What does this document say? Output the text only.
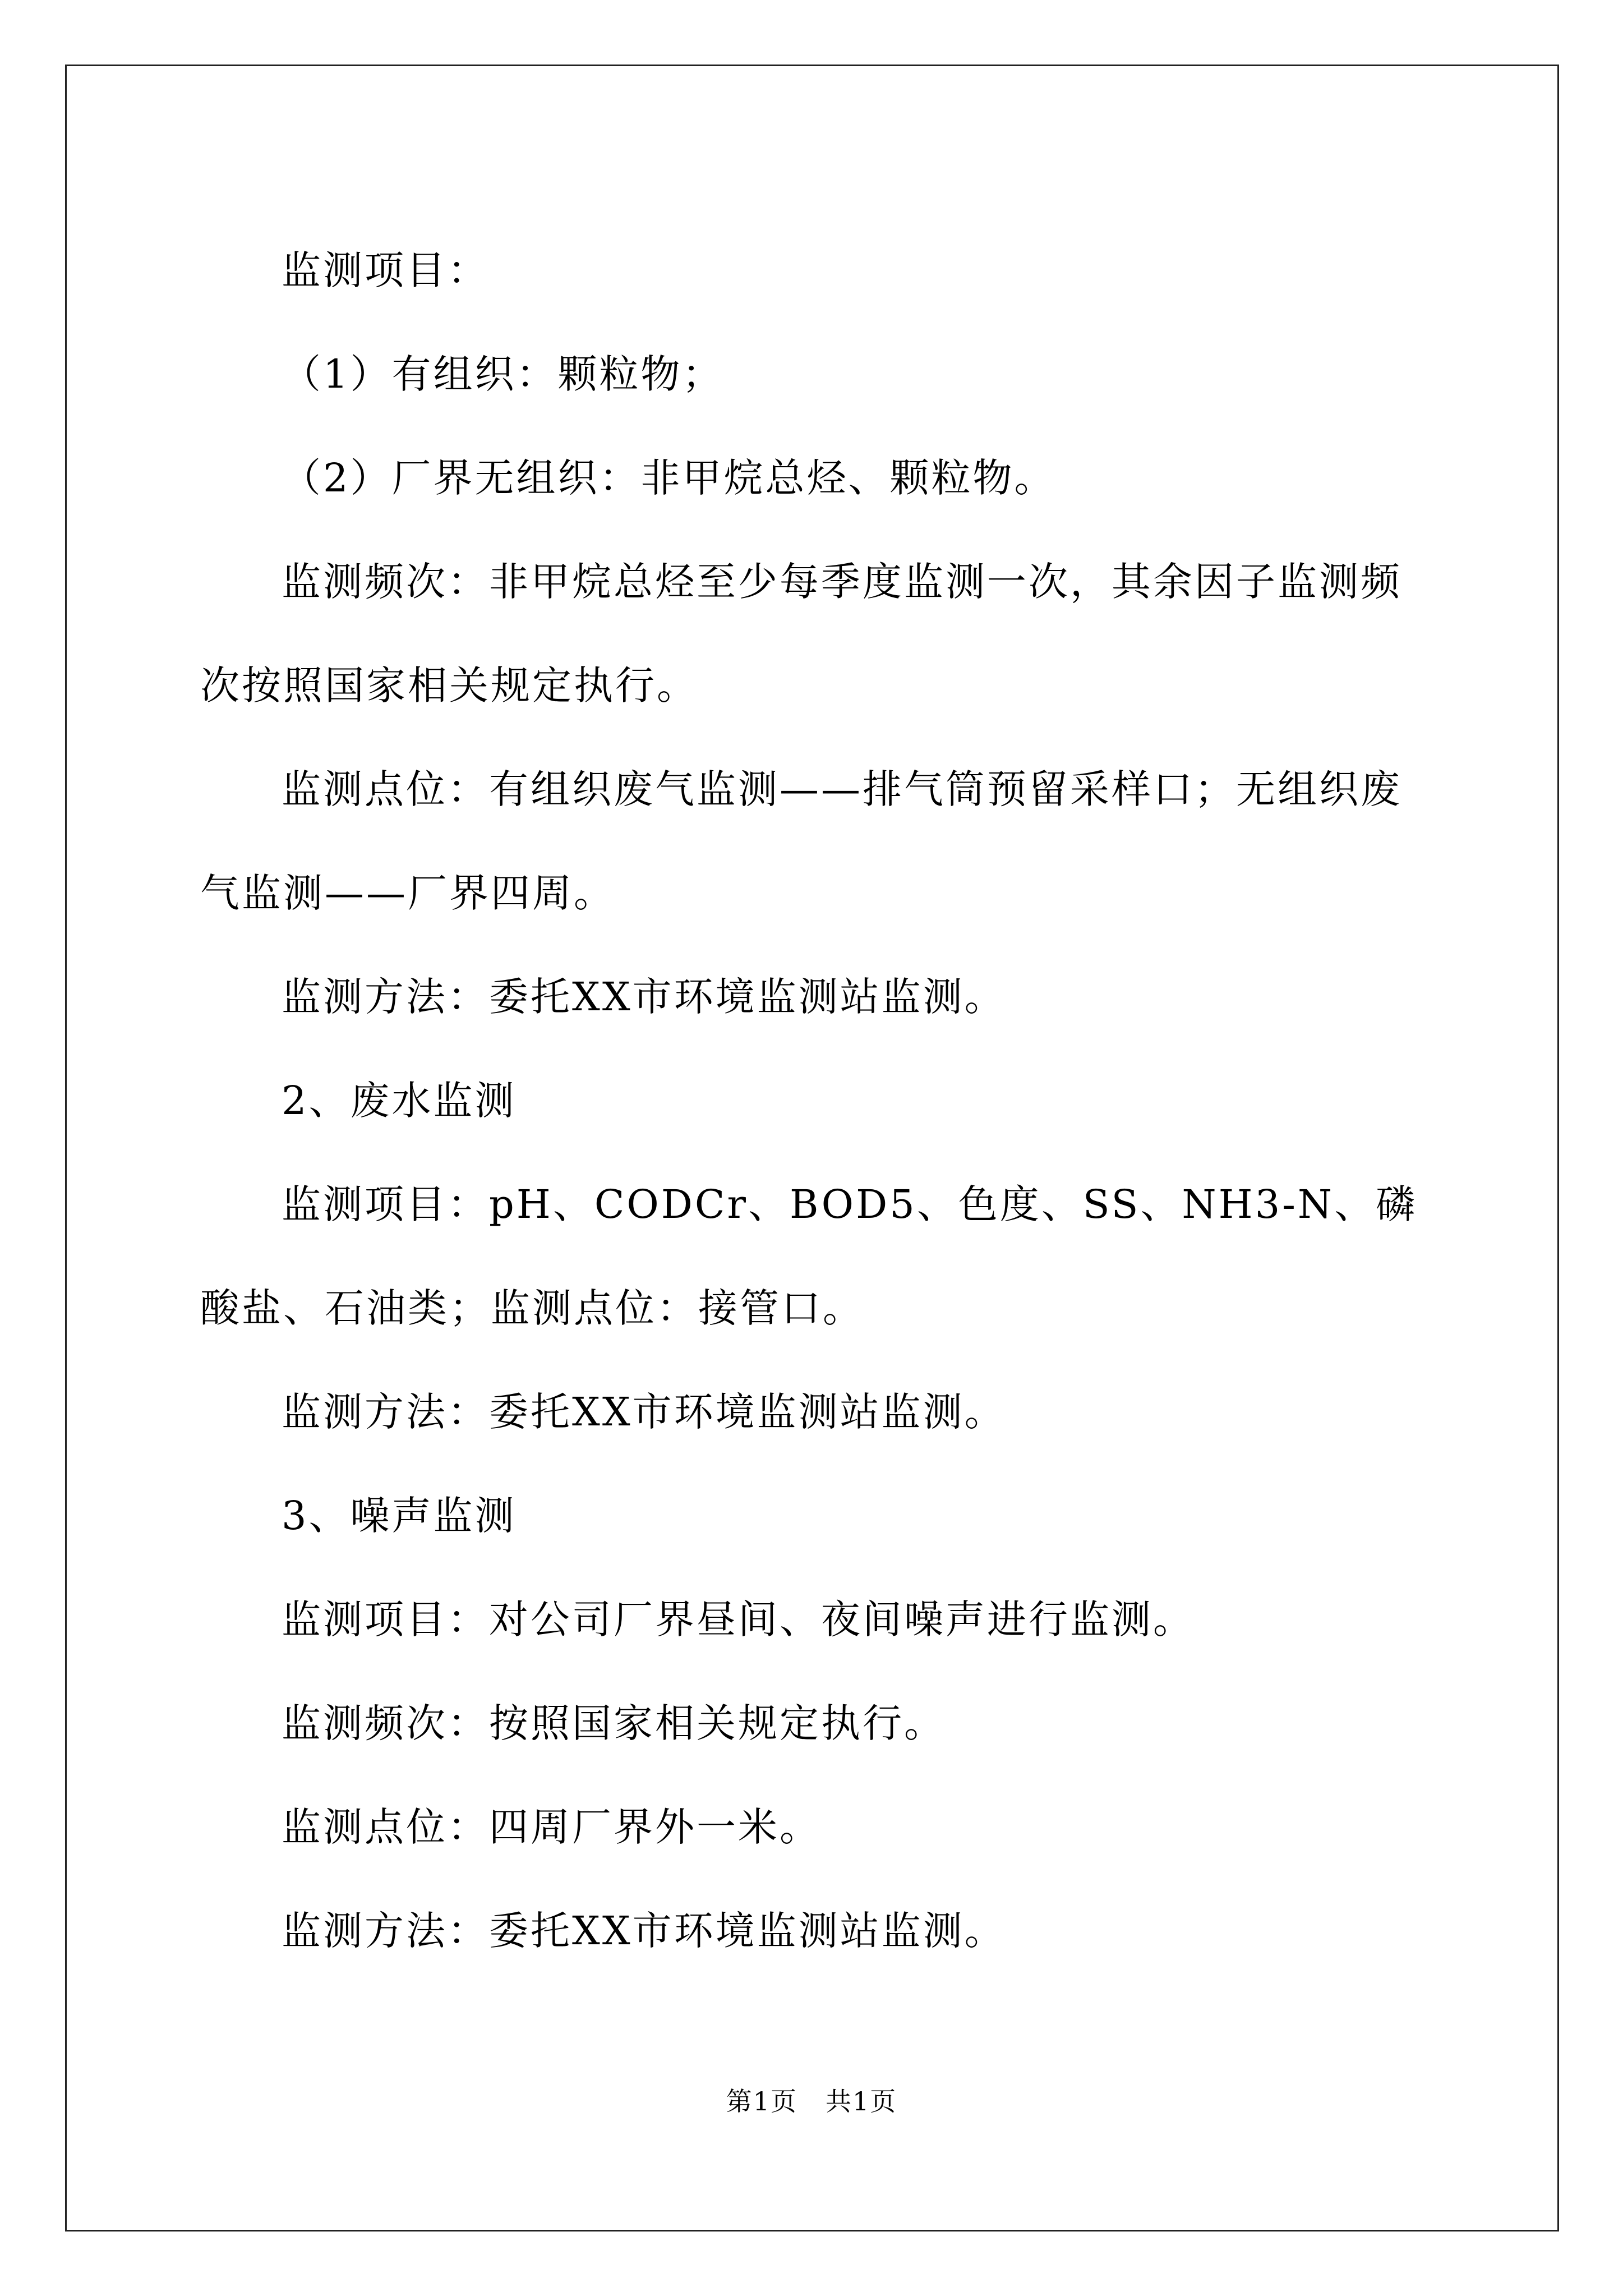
监测项目：

（1）有组织：颗粒物；

（2）厂界无组织：非甲烷总烃、颗粒物。

监测频次：非甲烷总烃至少每季度监测一次，其余因子监测频次按照国家相关规定执行。

监测点位：有组织废气监测——排气筒预留采样口；无组织废气监测——厂界四周。

监测方法：委托XX市环境监测站监测。

2、废水监测

监测项目：pH、CODCr、BOD5、色度、SS、NH3-N、磷酸盐、石油类；监测点位：接管口。

监测方法：委托XX市环境监测站监测。

3、噪声监测

监测项目：对公司厂界昼间、夜间噪声进行监测。

监测频次：按照国家相关规定执行。

监测点位：四周厂界外一米。

监测方法：委托XX市环境监测站监测。

第1页 共1页
